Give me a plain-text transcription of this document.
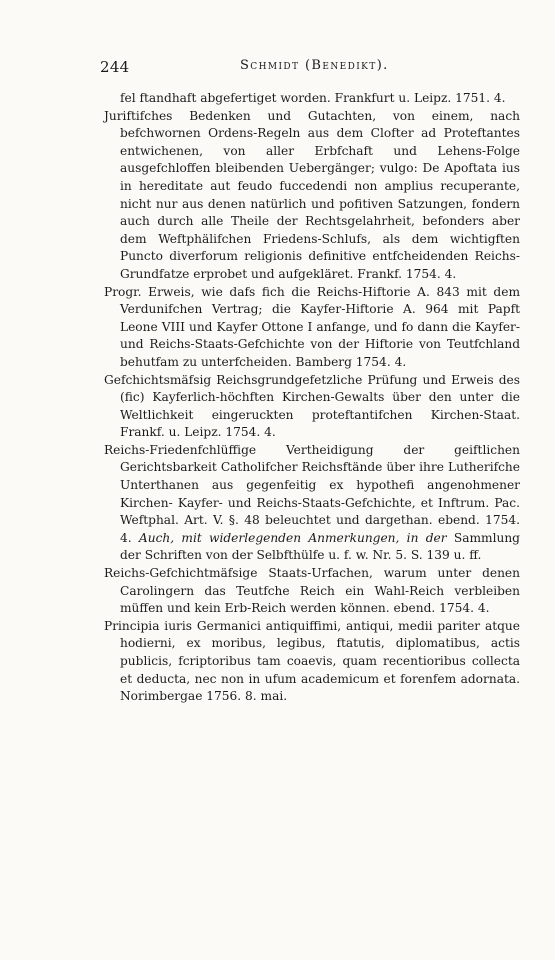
244	Schmidt (Benedikt).

fel ftandhaft abgefertiget worden. Frankfurt u. Leipz. 1751. 4.

Juriftifches Bedenken und Gutachten, von einem, nach befchwornen Ordens-Regeln aus dem Clofter ad Proteftantes entwichenen, von aller Erbfchaft und Lehens-Folge ausgefchloffen bleibenden Uebergänger; vulgo: De Apoftata ius in hereditate aut feudo fuccedendi non amplius recuperante, nicht nur aus denen natürlich und pofitiven Satzungen, fondern auch durch alle Theile der Rechtsgelahrheit, befonders aber dem Weftphälifchen Friedens-Schlufs, als dem wichtigften Puncto diverforum religionis definitive entfcheidenden Reichs-Grundfatze erprobet und aufgekläret. Frankf. 1754. 4.

Progr. Erweis, wie dafs fich die Reichs-Hiftorie A. 843 mit dem Verdunifchen Vertrag; die Kayfer-Hiftorie A. 964 mit Papft Leone VIII und Kayfer Ottone I anfange, und fo dann die Kayfer- und Reichs-Staats-Gefchichte von der Hiftorie von Teutfchland behutfam zu unterfcheiden. Bamberg 1754. 4.

Gefchichtsmäfsig Reichsgrundgefetzliche Prüfung und Erweis des (fic) Kayferlich-höchften Kirchen-Gewalts über den unter die Weltlichkeit eingeruckten proteftantifchen Kirchen-Staat. Frankf. u. Leipz. 1754. 4.

Reichs-Friedenfchlüffige Vertheidigung der geiftlichen Gerichtsbarkeit Catholifcher Reichsftände über ihre Lutherifche Unterthanen aus gegenfeitig ex hypothefi angenohmener Kirchen- Kayfer- und Reichs-Staats-Gefchichte, et Inftrum. Pac. Weftphal. Art. V. §. 48 beleuchtet und dargethan. ebend. 1754. 4. Auch, mit widerlegenden Anmerkungen, in der Sammlung der Schriften von der Selbfthülfe u. f. w. Nr. 5. S. 139 u. ff.

Reichs-Gefchichtmäfsige Staats-Urfachen, warum unter denen Carolingern das Teutfche Reich ein Wahl-Reich verbleiben müffen und kein Erb-Reich werden können. ebend. 1754. 4.

Principia iuris Germanici antiquiffimi, antiqui, medii pariter atque hodierni, ex moribus, legibus, ftatutis, diplomatibus, actis publicis, fcriptoribus tam coaevis, quam recentioribus collecta et deducta, nec non in ufum academicum et forenfem adornata. Norimbergae 1756. 8. mai.
